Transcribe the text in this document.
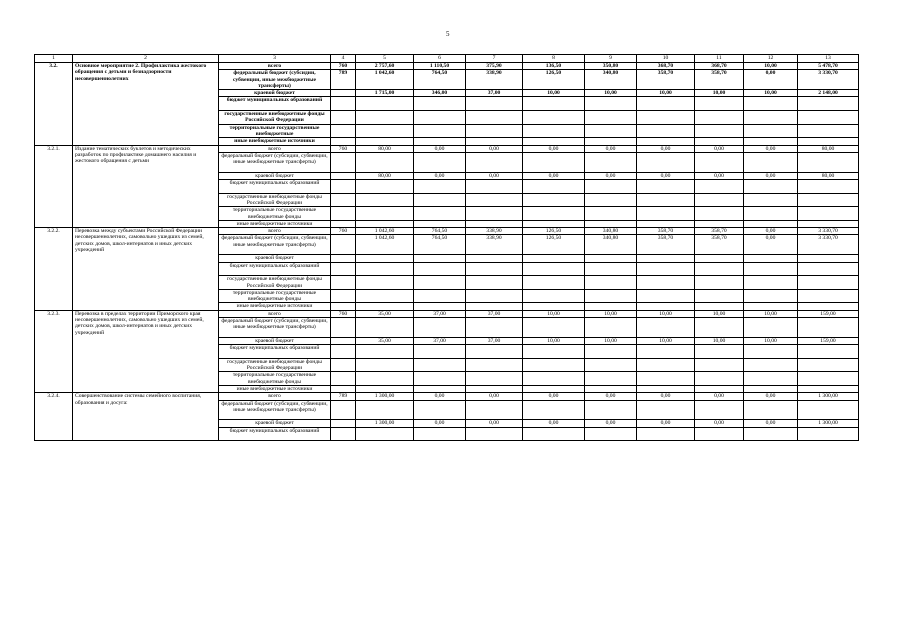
5
1	2	3	4	5	6	7	8	9	10	11	12	13
3.2.	Основное мероприятие 2. Профилактика жестокого обращения с детьми и безнадзорности несовершеннолетних	всего	760	2 757,60	1 110,50	375,90	136,50	350,80	368,70	368,70	10,00	5 478,70
		федеральный бюджет (субсидии, субвенции, иные межбюджетные трансферты)	789	1 042,60	764,50	338,90	126,50	340,80	358,70	358,70	0,00	3 330,70
		краевой бюджет		1 715,00	346,00	37,00	10,00	10,00	10,00	10,00	10,00	2 148,00
		бюджет муниципальных образований										
		государственные внебюджетные фонды Российской Федерации										
		территориальные государственные внебюджетные										
		иные внебюджетные источники										
3.2.1.	Издание тематических буклетов и методических разработок по профилактике домашнего насилия и жестокого обращения с детьми	всего	760	80,00	0,00	0,00	0,00	0,00	0,00	0,00	0,00	80,00
		федеральный бюджет (субсидии, субвенции, иные межбюджетные трансферты)										
		краевой бюджет		80,00	0,00	0,00	0,00	0,00	0,00	0,00	0,00	80,00
		бюджет муниципальных образований										
		государственные внебюджетные фонды Российской Федерации										
		территориальные государственные внебюджетные фонды										
		иные внебюджетные источники										
3.2.2.	Перевозка между субъектами Российской Федерации несовершеннолетних, самовольно ушедших из семей, детских домов, школ-интернатов и иных детских учреждений	всего	760	1 042,60	764,50	338,90	126,50	340,80	358,70	358,70	0,00	3 330,70
		федеральный бюджет (субсидии, субвенции, иные межбюджетные трансферты)		1 042,60	764,50	338,90	126,50	340,80	358,70	358,70	0,00	3 330,70
		краевой бюджет										
		бюджет муниципальных образований										
		государственные внебюджетные фонды Российской Федерации										
		территориальные государственные внебюджетные фонды										
		иные внебюджетные источники										
3.2.3.	Перевозка в пределах территории Приморского края несовершеннолетних, самовольно ушедших из семей, детских домов, школ-интернатов и иных детских учреждений	всего	760	35,00	37,00	37,00	10,00	10,00	10,00	10,00	10,00	159,00
		федеральный бюджет (субсидии, субвенции, иные межбюджетные трансферты)										
		краевой бюджет		35,00	37,00	37,00	10,00	10,00	10,00	10,00	10,00	159,00
		бюджет муниципальных образований										
		государственные внебюджетные фонды Российской Федерации										
		территориальные государственные внебюджетные фонды										
		иные внебюджетные источники										
3.2.4.	Совершенствование системы семейного воспитания, образования и досуга:	всего	789	1 300,00	0,00	0,00	0,00	0,00	0,00	0,00	0,00	1 300,00
		федеральный бюджет (субсидии, субвенции, иные межбюджетные трансферты)										
		краевой бюджет		1 300,00	0,00	0,00	0,00	0,00	0,00	0,00	0,00	1 300,00
		бюджет муниципальных образований										
